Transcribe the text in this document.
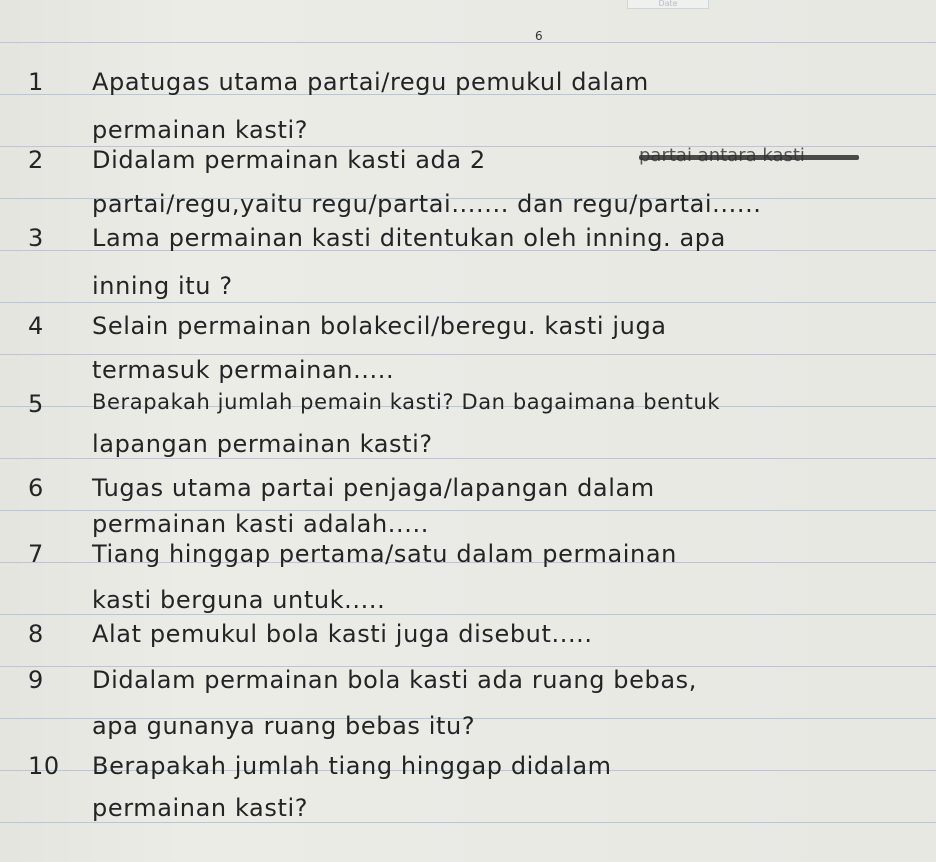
Date
6
1	Apatugas utama partai/regu pemukul dalam
permainan kasti?
2	Didalam permainan kasti ada 2
partai/regu,yaitu regu/partai....... dan regu/partai......
3	Lama permainan kasti ditentukan oleh inning. apa
inning itu ?
4	Selain permainan bolakecil/beregu. kasti juga
termasuk permainan.....
5	Berapakah jumlah pemain kasti? Dan bagaimana bentuk
lapangan permainan kasti?
6	Tugas utama partai penjaga/lapangan dalam
permainan kasti adalah.....
7	Tiang hinggap pertama/satu dalam permainan
kasti berguna untuk.....
8	Alat pemukul bola kasti juga disebut.....
9	Didalam permainan bola kasti ada ruang bebas,
apa gunanya ruang bebas itu?
10	Berapakah jumlah tiang hinggap didalam
permainan kasti?
